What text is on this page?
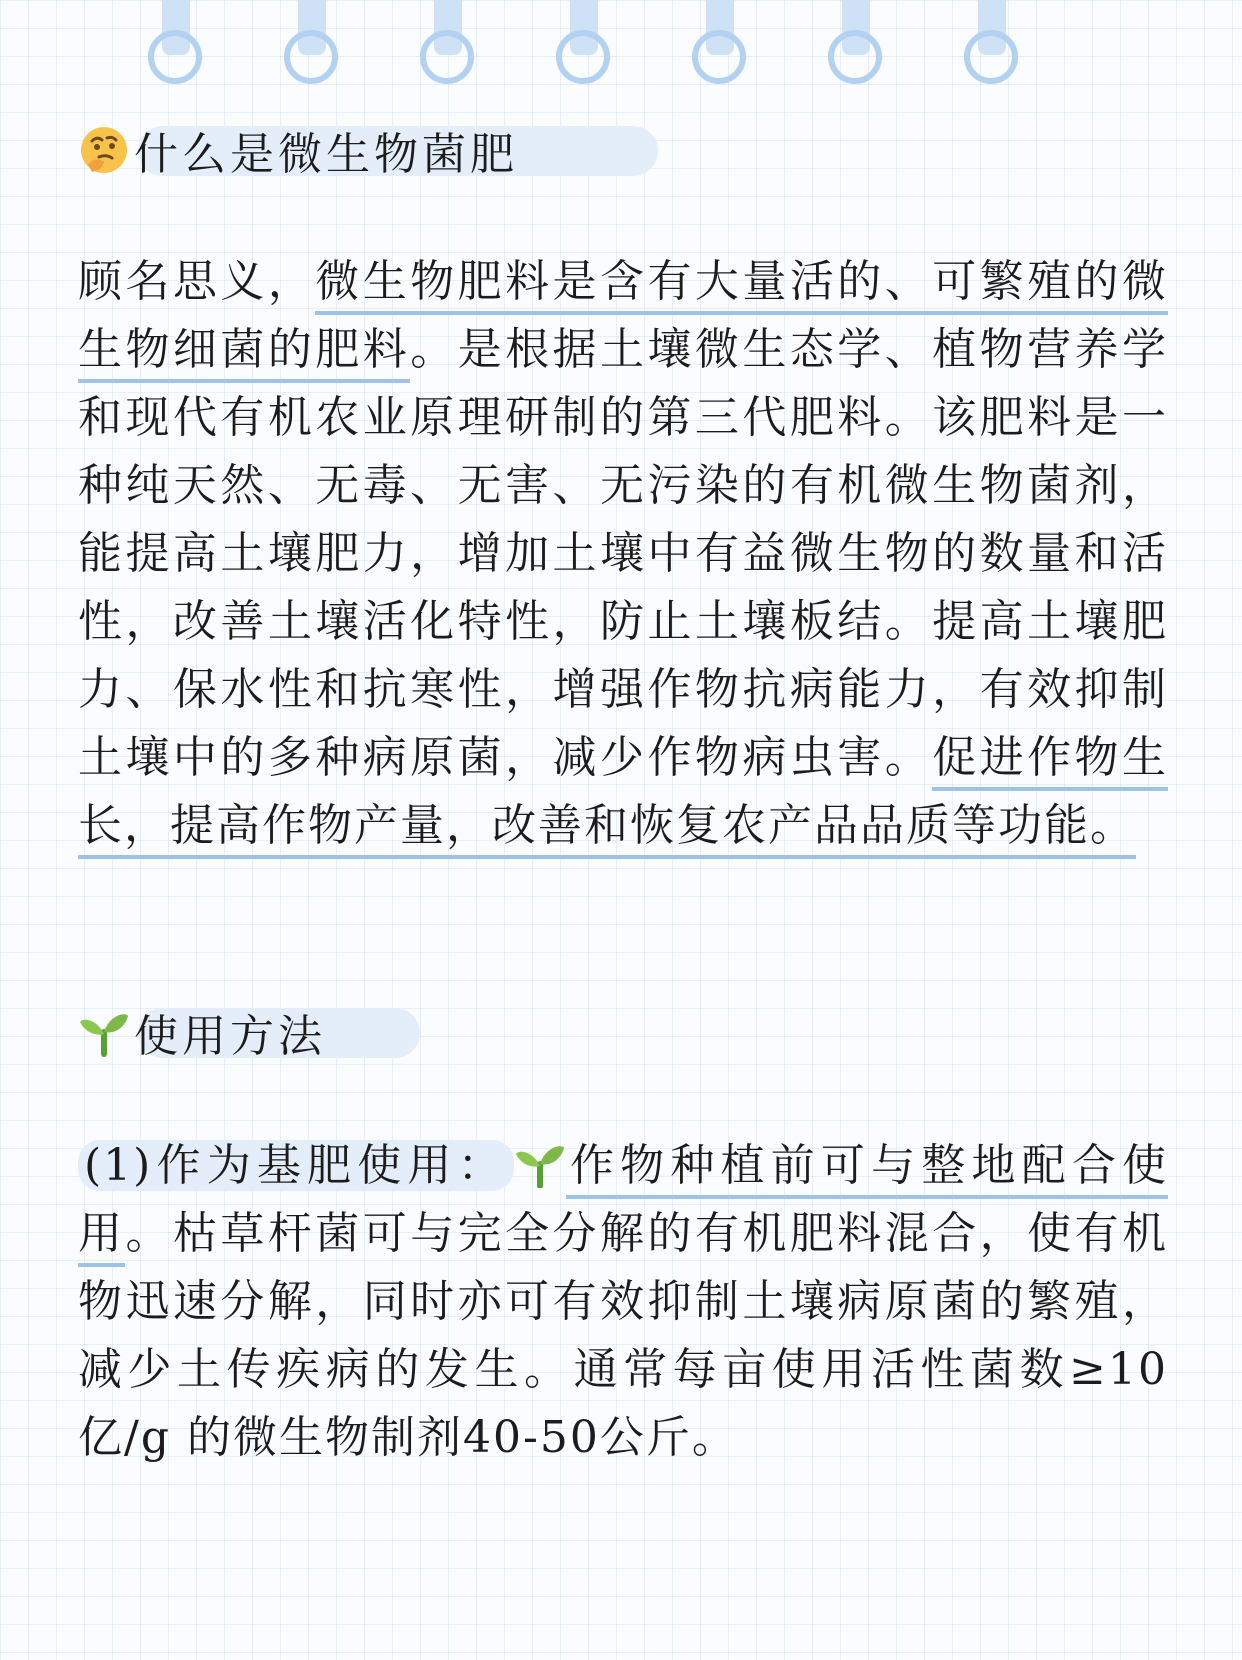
什么是微生物菌肥
顾名思义，微生物肥料是含有大量活的、可繁殖的微生物细菌的肥料。是根据土壤微生态学、植物营养学和现代有机农业原理研制的第三代肥料。该肥料是一种纯天然、无毒、无害、无污染的有机微生物菌剂，能提高土壤肥力，增加土壤中有益微生物的数量和活性，改善土壤活化特性，防止土壤板结。提高土壤肥力、保水性和抗寒性，增强作物抗病能力，有效抑制土壤中的多种病原菌，减少作物病虫害。促进作物生长，提高作物产量，改善和恢复农产品品质等功能。
使用方法
(1)作为基肥使用： 作物种植前可与整地配合使用。枯草杆菌可与完全分解的有机肥料混合，使有机物迅速分解，同时亦可有效抑制土壤病原菌的繁殖，减少土传疾病的发生。通常每亩使用活性菌数≥10亿/g 的微生物制剂40-50公斤。
